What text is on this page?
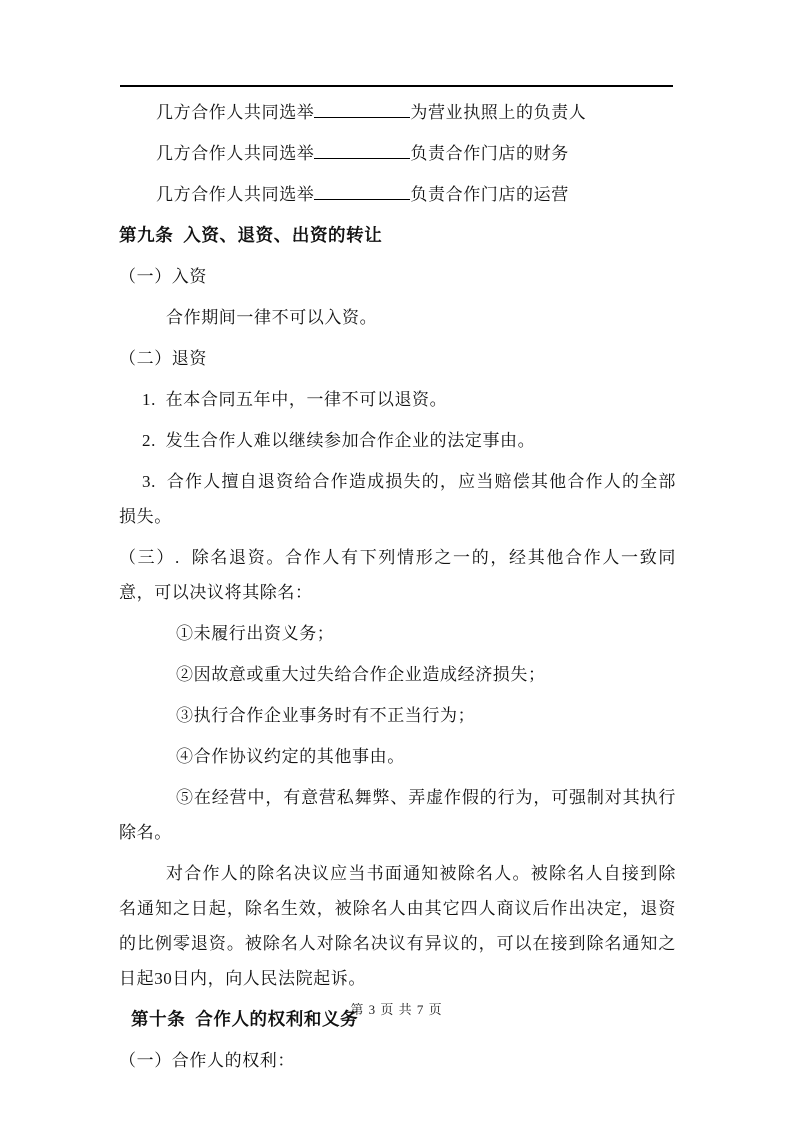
几方合作人共同选举	为营业执照上的负责人

几方合作人共同选举	负责合作门店的财务

几方合作人共同选举	负责合作门店的运营

第九条  入资、退资、出资的转让

（一）入资

合作期间一律不可以入资。

（二）退资

1.  在本合同五年中，一律不可以退资。

2.  发生合作人难以继续参加合作企业的法定事由。

3.  合作人擅自退资给合作造成损失的，应当赔偿其他合作人的全部损失。

（三）.  除名退资。合作人有下列情形之一的，经其他合作人一致同意，可以决议将其除名：

①未履行出资义务；

②因故意或重大过失给合作企业造成经济损失；

③执行合作企业事务时有不正当行为；

④合作协议约定的其他事由。

⑤在经营中，有意营私舞弊、弄虚作假的行为，可强制对其执行除名。

对合作人的除名决议应当书面通知被除名人。被除名人自接到除名通知之日起，除名生效，被除名人由其它四人商议后作出决定，退资的比例零退资。被除名人对除名决议有异议的，可以在接到除名通知之日起30日内，向人民法院起诉。

第十条  合作人的权利和义务

（一）合作人的权利：

第 3 页 共 7 页
